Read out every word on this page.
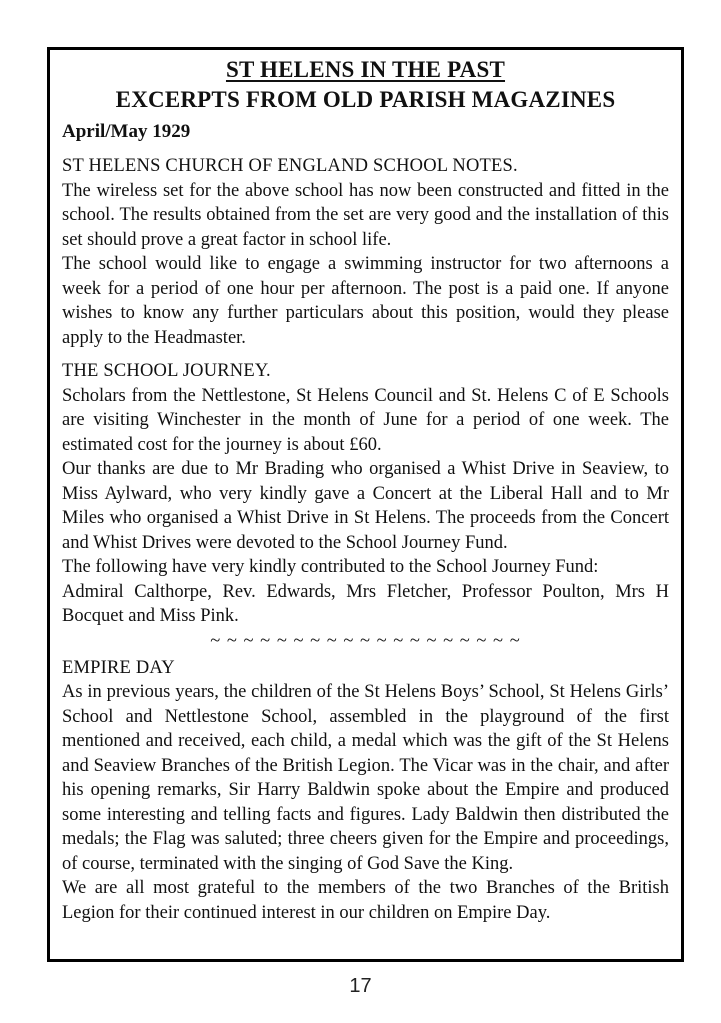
ST HELENS IN THE PAST
EXCERPTS FROM OLD PARISH MAGAZINES
April/May 1929
ST HELENS CHURCH OF ENGLAND SCHOOL NOTES.

The wireless set for the above school has now been constructed and fitted in the school. The results obtained from the set are very good and the installation of this set should prove a great factor in school life.

The school would like to engage a swimming instructor for two afternoons a week for a period of one hour per afternoon. The post is a paid one. If anyone wishes to know any further particulars about this position, would they please apply to the Headmaster.

THE SCHOOL JOURNEY.

Scholars from the Nettlestone, St Helens Council and St. Helens C of E Schools are visiting Winchester in the month of June for a period of one week. The estimated cost for the journey is about £60.

Our thanks are due to Mr Brading who organised a Whist Drive in Seaview, to Miss Aylward, who very kindly gave a Concert at the Liberal Hall and to Mr Miles who organised a Whist Drive in St Helens. The proceeds from the Concert and Whist Drives were devoted to the School Journey Fund.

The following have very kindly contributed to the School Journey Fund:

Admiral Calthorpe, Rev. Edwards, Mrs Fletcher, Professor Poulton, Mrs H Bocquet and Miss Pink.

~ ~ ~ ~ ~ ~ ~ ~ ~ ~ ~ ~ ~ ~ ~ ~ ~ ~ ~
EMPIRE DAY

As in previous years, the children of the St Helens Boys’ School, St Helens Girls’ School and Nettlestone School, assembled in the playground of the first mentioned and received, each child, a medal which was the gift of the St Helens and Seaview Branches of the British Legion. The Vicar was in the chair, and after his opening remarks, Sir Harry Baldwin spoke about the Empire and produced some interesting and telling facts and figures. Lady Baldwin then distributed the medals; the Flag was saluted; three cheers given for the Empire and proceedings, of course, terminated with the singing of God Save the King.

We are all most grateful to the members of the two Branches of the British Legion for their continued interest in our children on Empire Day.

17
